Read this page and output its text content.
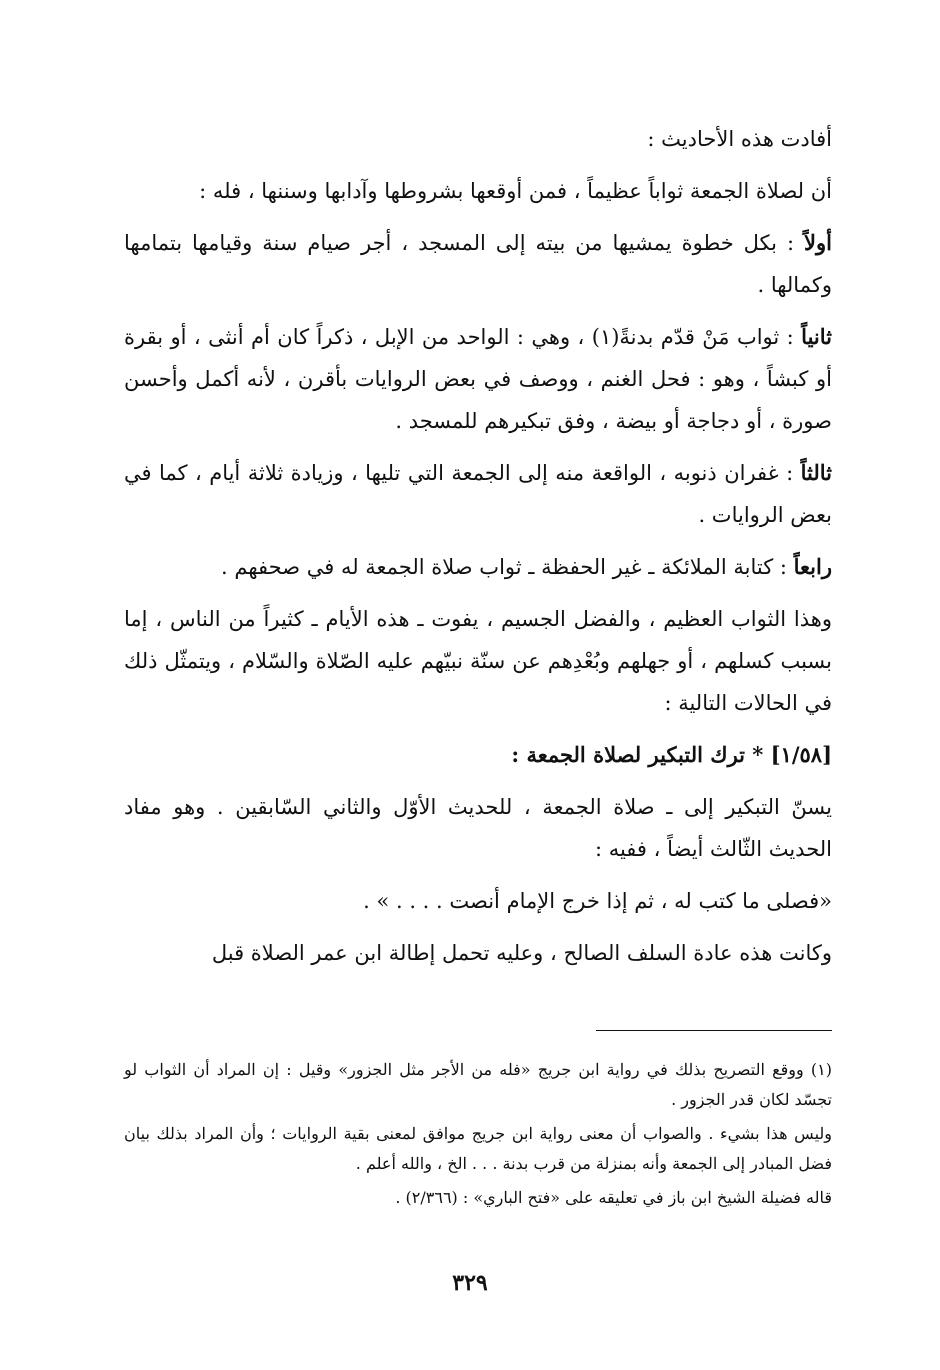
أفادت هذه الأحاديث :

أن لصلاة الجمعة ثواباً عظيماً ، فمن أوقعها بشروطها وآدابها وسننها ، فله :

أولاً : بكل خطوة يمشيها من بيته إلى المسجد ، أجر صيام سنة وقيامها بتمامها وكمالها .

ثانياً : ثواب مَنْ قدّم بدنةً(١) ، وهي : الواحد من الإبل ، ذكراً كان أم أنثى ، أو بقرة أو كبشاً ، وهو : فحل الغنم ، ووصف في بعض الروايات بأقرن ، لأنه أكمل وأحسن صورة ، أو دجاجة أو بيضة ، وفق تبكيرهم للمسجد .

ثالثاً : غفران ذنوبه ، الواقعة منه إلى الجمعة التي تليها ، وزيادة ثلاثة أيام ، كما في بعض الروايات .

رابعاً : كتابة الملائكة ـ غير الحفظة ـ ثواب صلاة الجمعة له في صحفهم .

وهذا الثواب العظيم ، والفضل الجسيم ، يفوت ـ هذه الأيام ـ كثيراً من الناس ، إما بسبب كسلهم ، أو جهلهم وبُعْدِهم عن سنّة نبيّهم عليه الصّلاة والسّلام ، ويتمثّل ذلك في الحالات التالية :

[١/٥٨] * ترك التبكير لصلاة الجمعة :

يسنّ التبكير إلى ـ صلاة الجمعة ، للحديث الأوّل والثاني السّابقين . وهو مفاد الحديث الثّالث أيضاً ، ففيه :

«فصلى ما كتب له ، ثم إذا خرج الإمام أنصت . . . . » .

وكانت هذه عادة السلف الصالح ، وعليه تحمل إطالة ابن عمر الصلاة قبل

(١) ووقع التصريح بذلك في رواية ابن جريج «فله من الأجر مثل الجزور» وقيل : إن المراد أن الثواب لو تجسّد لكان قدر الجزور .

وليس هذا بشيء . والصواب أن معنى رواية ابن جريج موافق لمعنى بقية الروايات ؛ وأن المراد بذلك بيان فضل المبادر إلى الجمعة وأنه بمنزلة من قرب بدنة . . . الخ ، والله أعلم .

قاله فضيلة الشيخ ابن باز في تعليقه على «فتح الباري» : (٢/٣٦٦) .

٣٢٩
